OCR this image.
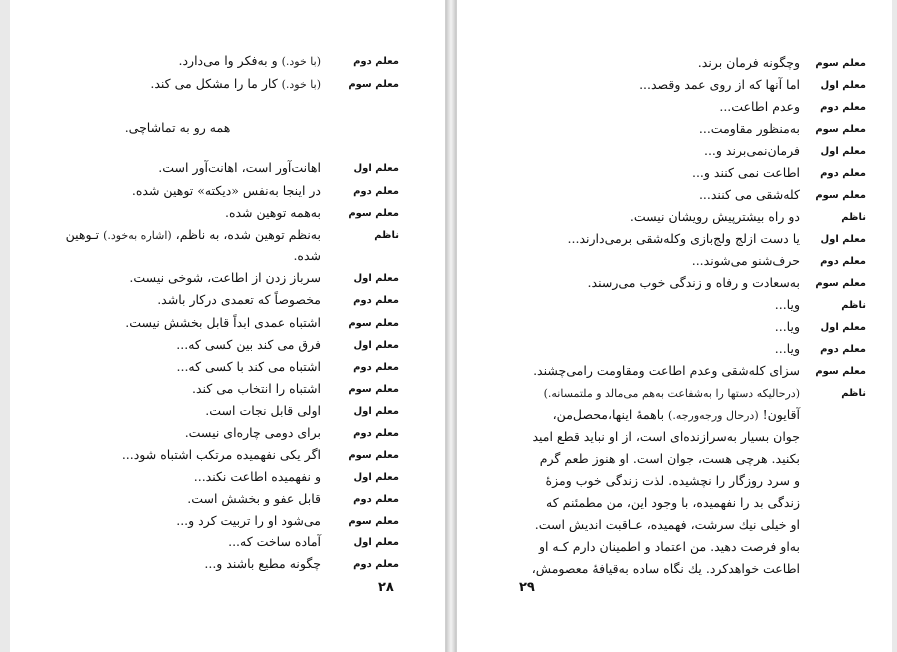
معلم دوم
(با خود.) و به‌فکر وا می‌دارد.
معلم سوم
(با خود.) کار ما را مشکل می کند.
همه رو به تماشاچی.
معلم اول
اهانت‌آور است، اهانت‌آور است.
معلم دوم
در اینجا به‌نفس «دیکته» توهین شده.
معلم سوم
به‌همه توهین شده.
ناظم
به‌نظم توهین شده، به ناظم، (اشاره به‌خود.) تـوهین
شده.
معلم اول
سرباز زدن از اطاعت، شوخی نیست.
معلم دوم
مخصوصاً که تعمدی درکار باشد.
معلم سوم
اشتباه عمدی ابداً قابل بخشش نیست.
معلم اول
فرق می کند بین کسی که...
معلم دوم
اشتباه می کند با کسی که...
معلم سوم
اشتباه را انتخاب می کند.
معلم اول
اولی قابل نجات است.
معلم دوم
برای دومی چاره‌ای نیست.
معلم سوم
اگر یکی نفهمیده مرتکب اشتباه شود...
معلم اول
و نفهمیده اطاعت نکند...
معلم دوم
قابل عفو و بخشش است.
معلم سوم
می‌شود او را تربیت کرد و...
معلم اول
آماده ساخت که...
معلم دوم
چگونه مطیع باشند و...
۲۸
معلم سوم
وچگونه فرمان برند.
معلم اول
اما آنها که از روی عمد وقصد...
معلم دوم
وعدم اطاعت...
معلم سوم
به‌منظور مقاومت...
معلم اول
فرمان‌نمی‌برند و...
معلم دوم
اطاعت نمی کنند و...
معلم سوم
کله‌شقی می کنند...
ناظم
دو راه بیشترپیش رویشان نیست.
معلم اول
یا دست ازلج ولج‌بازی وکله‌شقی برمی‌دارند...
معلم دوم
حرف‌شنو می‌شوند...
معلم سوم
به‌سعادت و رفاه و زندگی خوب می‌رسند.
ناظم
ویا...
معلم اول
ویا...
معلم دوم
ویا...
معلم سوم
سزای کله‌شقی وعدم اطاعت ومقاومت رامی‌چشند.
ناظم
(درحالیکه دستها را به‌شفاعت به‌هم می‌مالد و ملتمسانه.)
آقایون! (درحال ورجه‌ورجه.) باهمهٔ اینها،محصل‌من،
جوان بسیار به‌سرازنده‌ای است، از او نباید قطع امید
بکنید. هرچی هست، جوان است. او هنوز طعم گرم
و سرد روزگار را نچشیده. لذت زندگی خوب ومزهٔ
زندگی بد را نفهمیده، با وجود این، من مطمئنم که
او خیلی نیك سرشت، فهمیده، عـاقبت اندیش است.
به‌او فرصت دهید. من اعتماد و اطمینان دارم کـه او
اطاعت خواهدکرد. یك نگاه ساده به‌قیافهٔ معصومش،
۲۹
